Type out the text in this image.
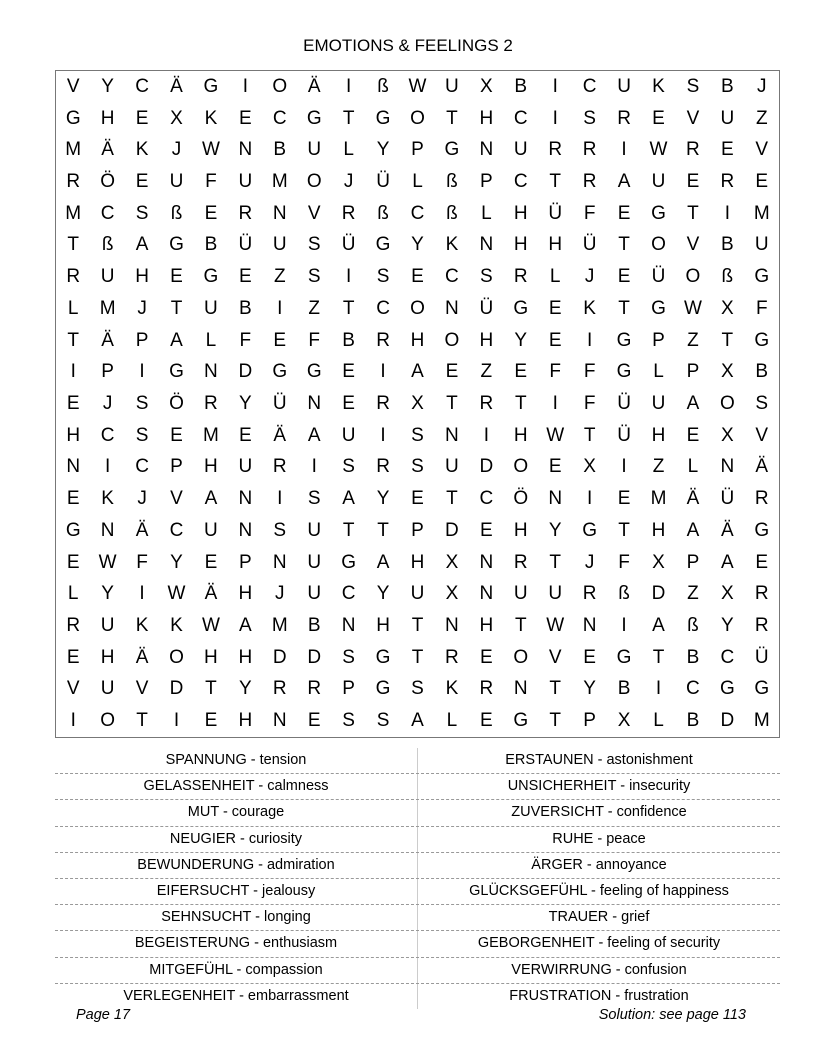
EMOTIONS & FEELINGS 2
V	Y	C	Ä	G	I	O	Ä	I	ß	W U	X	B	I	C	U	K	S	B	J
G	H	E	X	K	E	C	G	T	G	O	T	H	C	I	S	R	E	V	U	Z
M	Ä	K	J	W N	B	U	L	Y	P	G	N	U	R	R	I	W R	E	V
R	Ö	E	U	F	U	M	O	J	Ü	L	ß	P	C	T	R	A	U	E	R	E
M	C	S	ß	E	R	N	V	R	ß	C	ß	L	H	Ü	F	E	G	T	I	M
T	ß	A	G	B	Ü	U	S	Ü	G	Y	K	N	H	H	Ü	T	O	V	B	U
R	U	H	E	G	E	Z	S	I	S	E	C	S	R	L	J	E	Ü	O	ß	G
L	M	J	T	U	B	I	Z	T	C	O	N	Ü	G	E	K	T	G W	X	F
T	Ä	P	A	L	F	E	F	B	R	H	O	H	Y	E	I	G	P	Z	T	G
I	P	I	G	N	D	G	G	E	I	A	E	Z	E	F	F	G	L	P	X	B
E	J	S	Ö	R	Y	Ü	N	E	R	X	T	R	T	I	F	Ü	U	A	O	S
H	C	S	E	M	E	Ä	A	U	I	S	N	I	H W	T	Ü	H	E	X	V
N	I	C	P	H	U	R	I	S	R	S	U	D	O	E	X	I	Z	L	N	Ä
E	K	J	V	A	N	I	S	A	Y	E	T	C	Ö	N	I	E	M	Ä	Ü	R
G	N	Ä	C	U	N	S	U	T	T	P	D	E	H	Y	G	T	H	A	Ä	G
E	W	F	Y	E	P	N	U	G	A	H	X	N	R	T	J	F	X	P	A	E
L	Y	I	W	Ä	H	J	U	C	Y	U	X	N	U	U	R	ß	D	Z	X	R
R	U	K	K	W	A	M	B	N	H	T	N	H	T	W N	I	A	ß	Y	R
E	H	Ä	O	H	H	D	D	S	G	T	R	E	O	V	E	G	T	B	C	Ü
V	U	V	D	T	Y	R	R	P	G	S	K	R	N	T	Y	B	I	C	G	G
I	O	T	I	E	H	N	E	S	S	A	L	E	G	T	P	X	L	B	D	M
SPANNUNG - tension	ERSTAUNEN - astonishment
GELASSENHEIT - calmness	UNSICHERHEIT - insecurity
MUT - courage	ZUVERSICHT - confidence
NEUGIER - curiosity	RUHE - peace
BEWUNDERUNG - admiration	ÄRGER - annoyance
EIFERSUCHT - jealousy	GLÜCKSGEFÜHL - feeling of happiness
SEHNSUCHT - longing	TRAUER - grief
BEGEISTERUNG - enthusiasm	GEBORGENHEIT - feeling of security
MITGEFÜHL - compassion	VERWIRRUNG - confusion
VERLEGENHEIT - embarrassment	FRUSTRATION - frustration
Page 17	Solution: see page 113
